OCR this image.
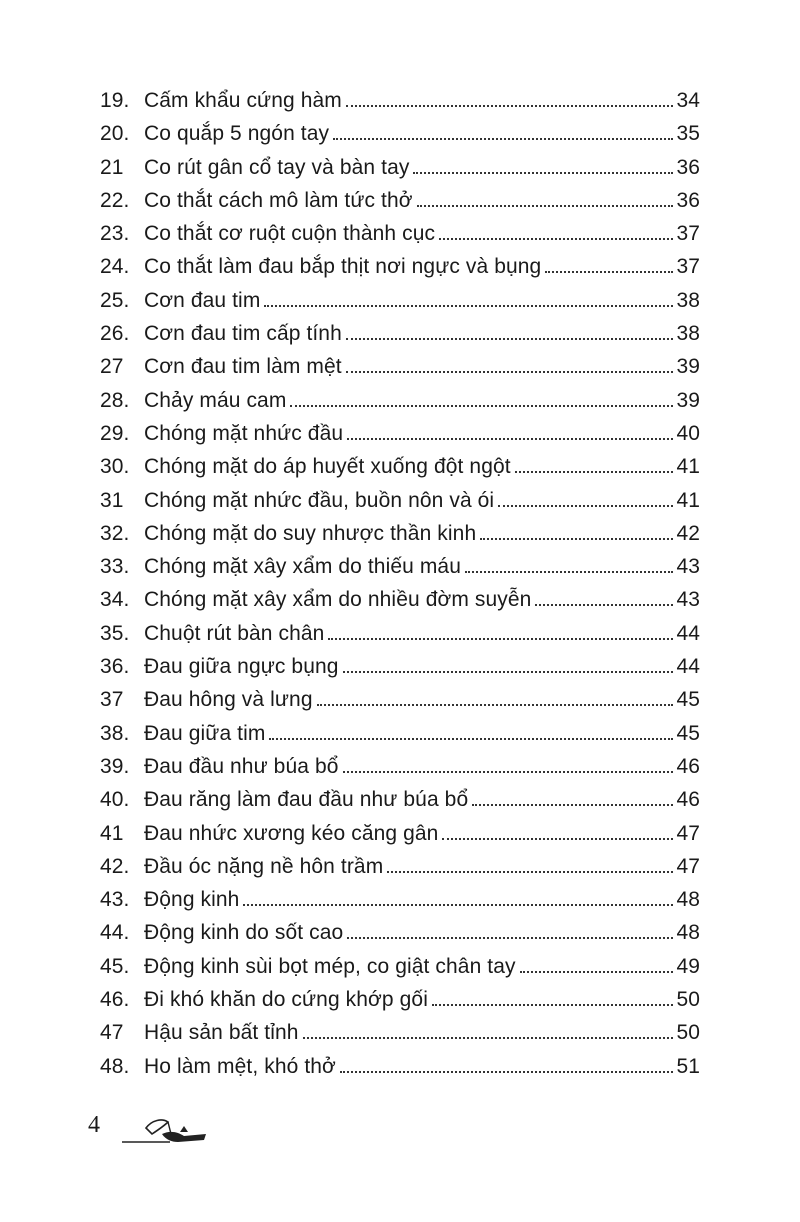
19. Cấm khẩu cứng hàm	34
20. Co quắp 5 ngón tay	35
21 Co rút gân cổ tay và bàn tay	36
22. Co thắt cách mô làm tức thở	36
23. Co thắt cơ ruột cuộn thành cục	37
24. Co thắt làm đau bắp thịt nơi ngực và bụng	37
25. Cơn đau tim	38
26. Cơn đau tim cấp tính	38
27 Cơn đau tim làm mệt	39
28. Chảy máu cam	39
29. Chóng mặt nhức đầu	40
30. Chóng mặt do áp huyết xuống đột ngột	41
31 Chóng mặt nhức đầu, buồn nôn và ói	41
32. Chóng mặt do suy nhược thần kinh	42
33. Chóng mặt xây xẩm do thiếu máu	43
34. Chóng mặt xây xẩm do nhiều đờm suyễn	43
35. Chuột rút bàn chân	44
36. Đau giữa ngực bụng	44
37 Đau hông và lưng	45
38. Đau giữa tim	45
39. Đau đầu như búa bổ	46
40. Đau răng làm đau đầu như búa bổ	46
41 Đau nhức xương kéo căng gân	47
42. Đầu óc nặng nề hôn trầm	47
43. Động kinh	48
44. Động kinh do sốt cao	48
45. Động kinh sùi bọt mép, co giật chân tay	49
46. Đi khó khăn do cứng khớp gối	50
47 Hậu sản bất tỉnh	50
48. Ho làm mệt, khó thở	51
4
